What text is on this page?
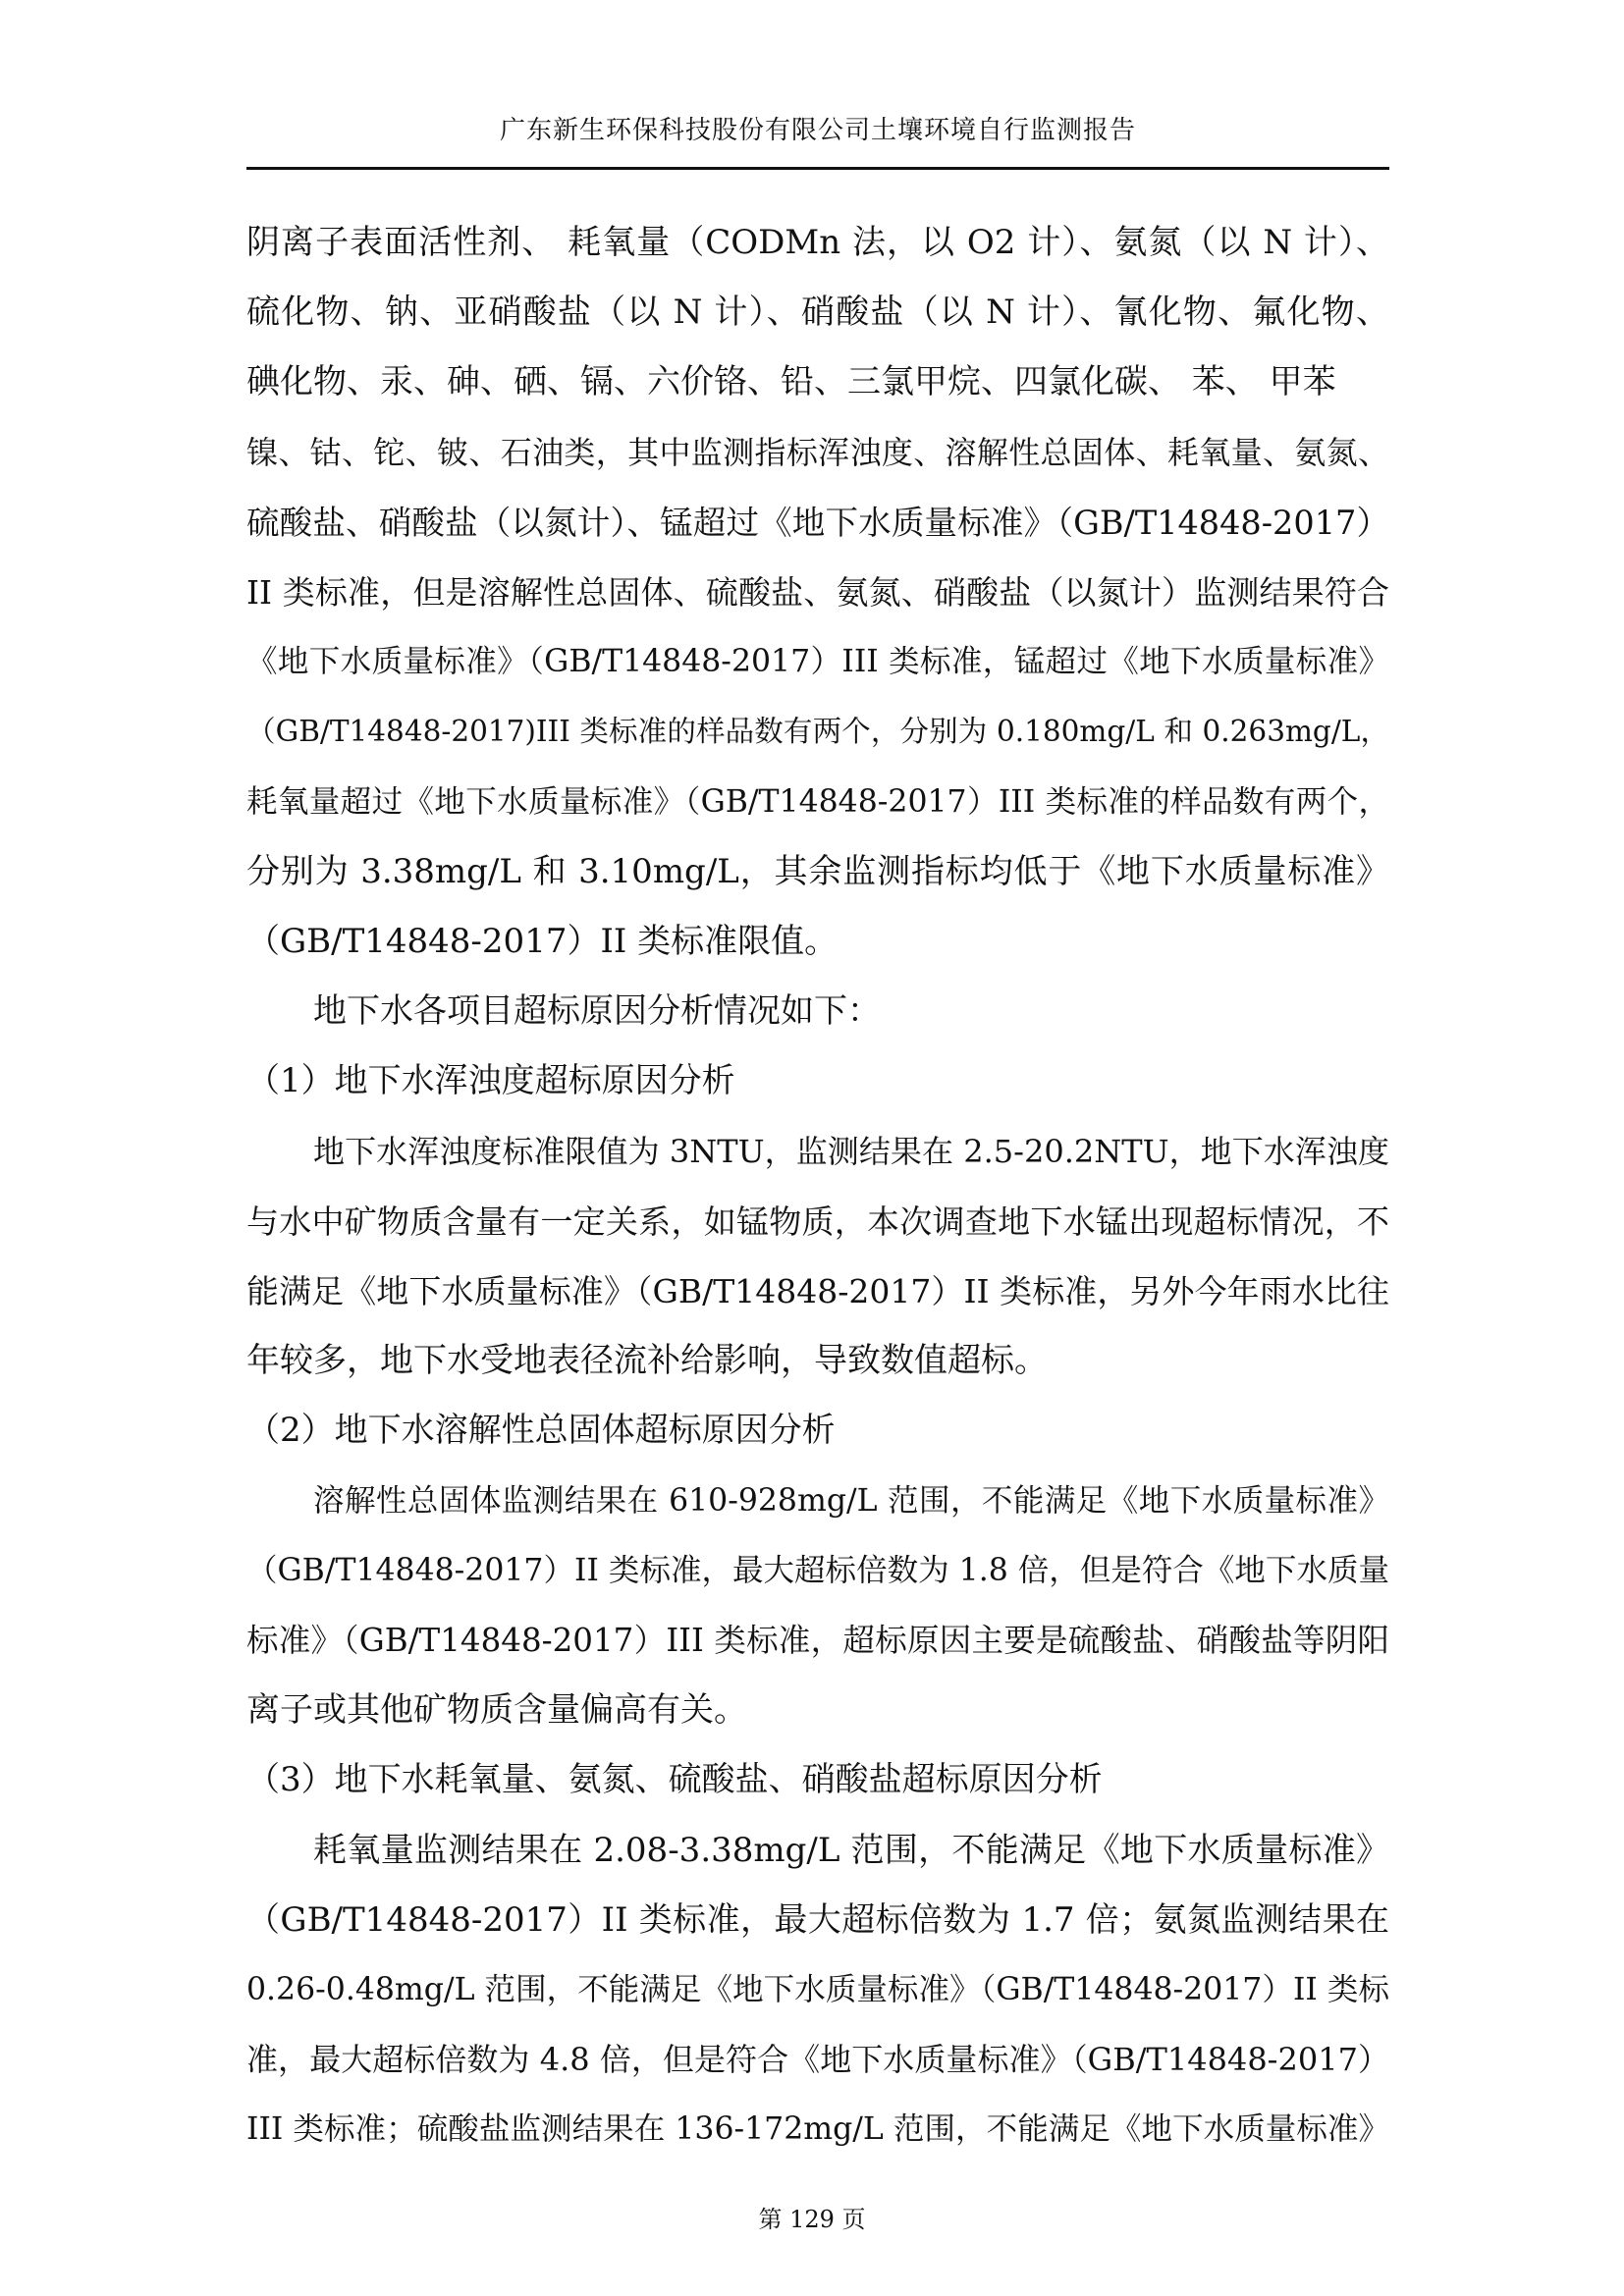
广东新生环保科技股份有限公司土壤环境自行监测报告

阴离子表面活性剂、 耗氧量（CODMn 法，以 O2 计）、氨氮（以 N 计）、

硫化物、钠、亚硝酸盐（以 N 计）、硝酸盐（以 N 计）、氰化物、氟化物、

碘化物、汞、砷、硒、镉、六价铬、铅、三氯甲烷、四氯化碳、 苯、 甲苯

镍、钴、铊、铍、石油类，其中监测指标浑浊度、溶解性总固体、耗氧量、氨氮、

硫酸盐、硝酸盐（以氮计）、锰超过《地下水质量标准》（GB/T14848-2017）

II 类标准，但是溶解性总固体、硫酸盐、氨氮、硝酸盐（以氮计）监测结果符合

《地下水质量标准》（GB/T14848-2017）III 类标准，锰超过《地下水质量标准》

（GB/T14848-2017)III 类标准的样品数有两个，分别为 0.180mg/L 和 0.263mg/L，

耗氧量超过《地下水质量标准》（GB/T14848-2017）III 类标准的样品数有两个，

分别为 3.38mg/L 和 3.10mg/L，其余监测指标均低于《地下水质量标准》

（GB/T14848-2017）II 类标准限值。

地下水各项目超标原因分析情况如下：

（1）地下水浑浊度超标原因分析

地下水浑浊度标准限值为 3NTU，监测结果在 2.5-20.2NTU，地下水浑浊度

与水中矿物质含量有一定关系，如锰物质，本次调查地下水锰出现超标情况，不

能满足《地下水质量标准》（GB/T14848-2017）II 类标准，另外今年雨水比往

年较多，地下水受地表径流补给影响，导致数值超标。

（2）地下水溶解性总固体超标原因分析

溶解性总固体监测结果在 610-928mg/L 范围，不能满足《地下水质量标准》

（GB/T14848-2017）II 类标准，最大超标倍数为 1.8 倍，但是符合《地下水质量

标准》（GB/T14848-2017）III 类标准，超标原因主要是硫酸盐、硝酸盐等阴阳

离子或其他矿物质含量偏高有关。

（3）地下水耗氧量、氨氮、硫酸盐、硝酸盐超标原因分析

耗氧量监测结果在 2.08-3.38mg/L 范围，不能满足《地下水质量标准》

（GB/T14848-2017）II 类标准，最大超标倍数为 1.7 倍；氨氮监测结果在

0.26-0.48mg/L 范围，不能满足《地下水质量标准》（GB/T14848-2017）II 类标

准，最大超标倍数为 4.8 倍，但是符合《地下水质量标准》（GB/T14848-2017）

III 类标准；硫酸盐监测结果在 136-172mg/L 范围，不能满足《地下水质量标准》

第 129 页
